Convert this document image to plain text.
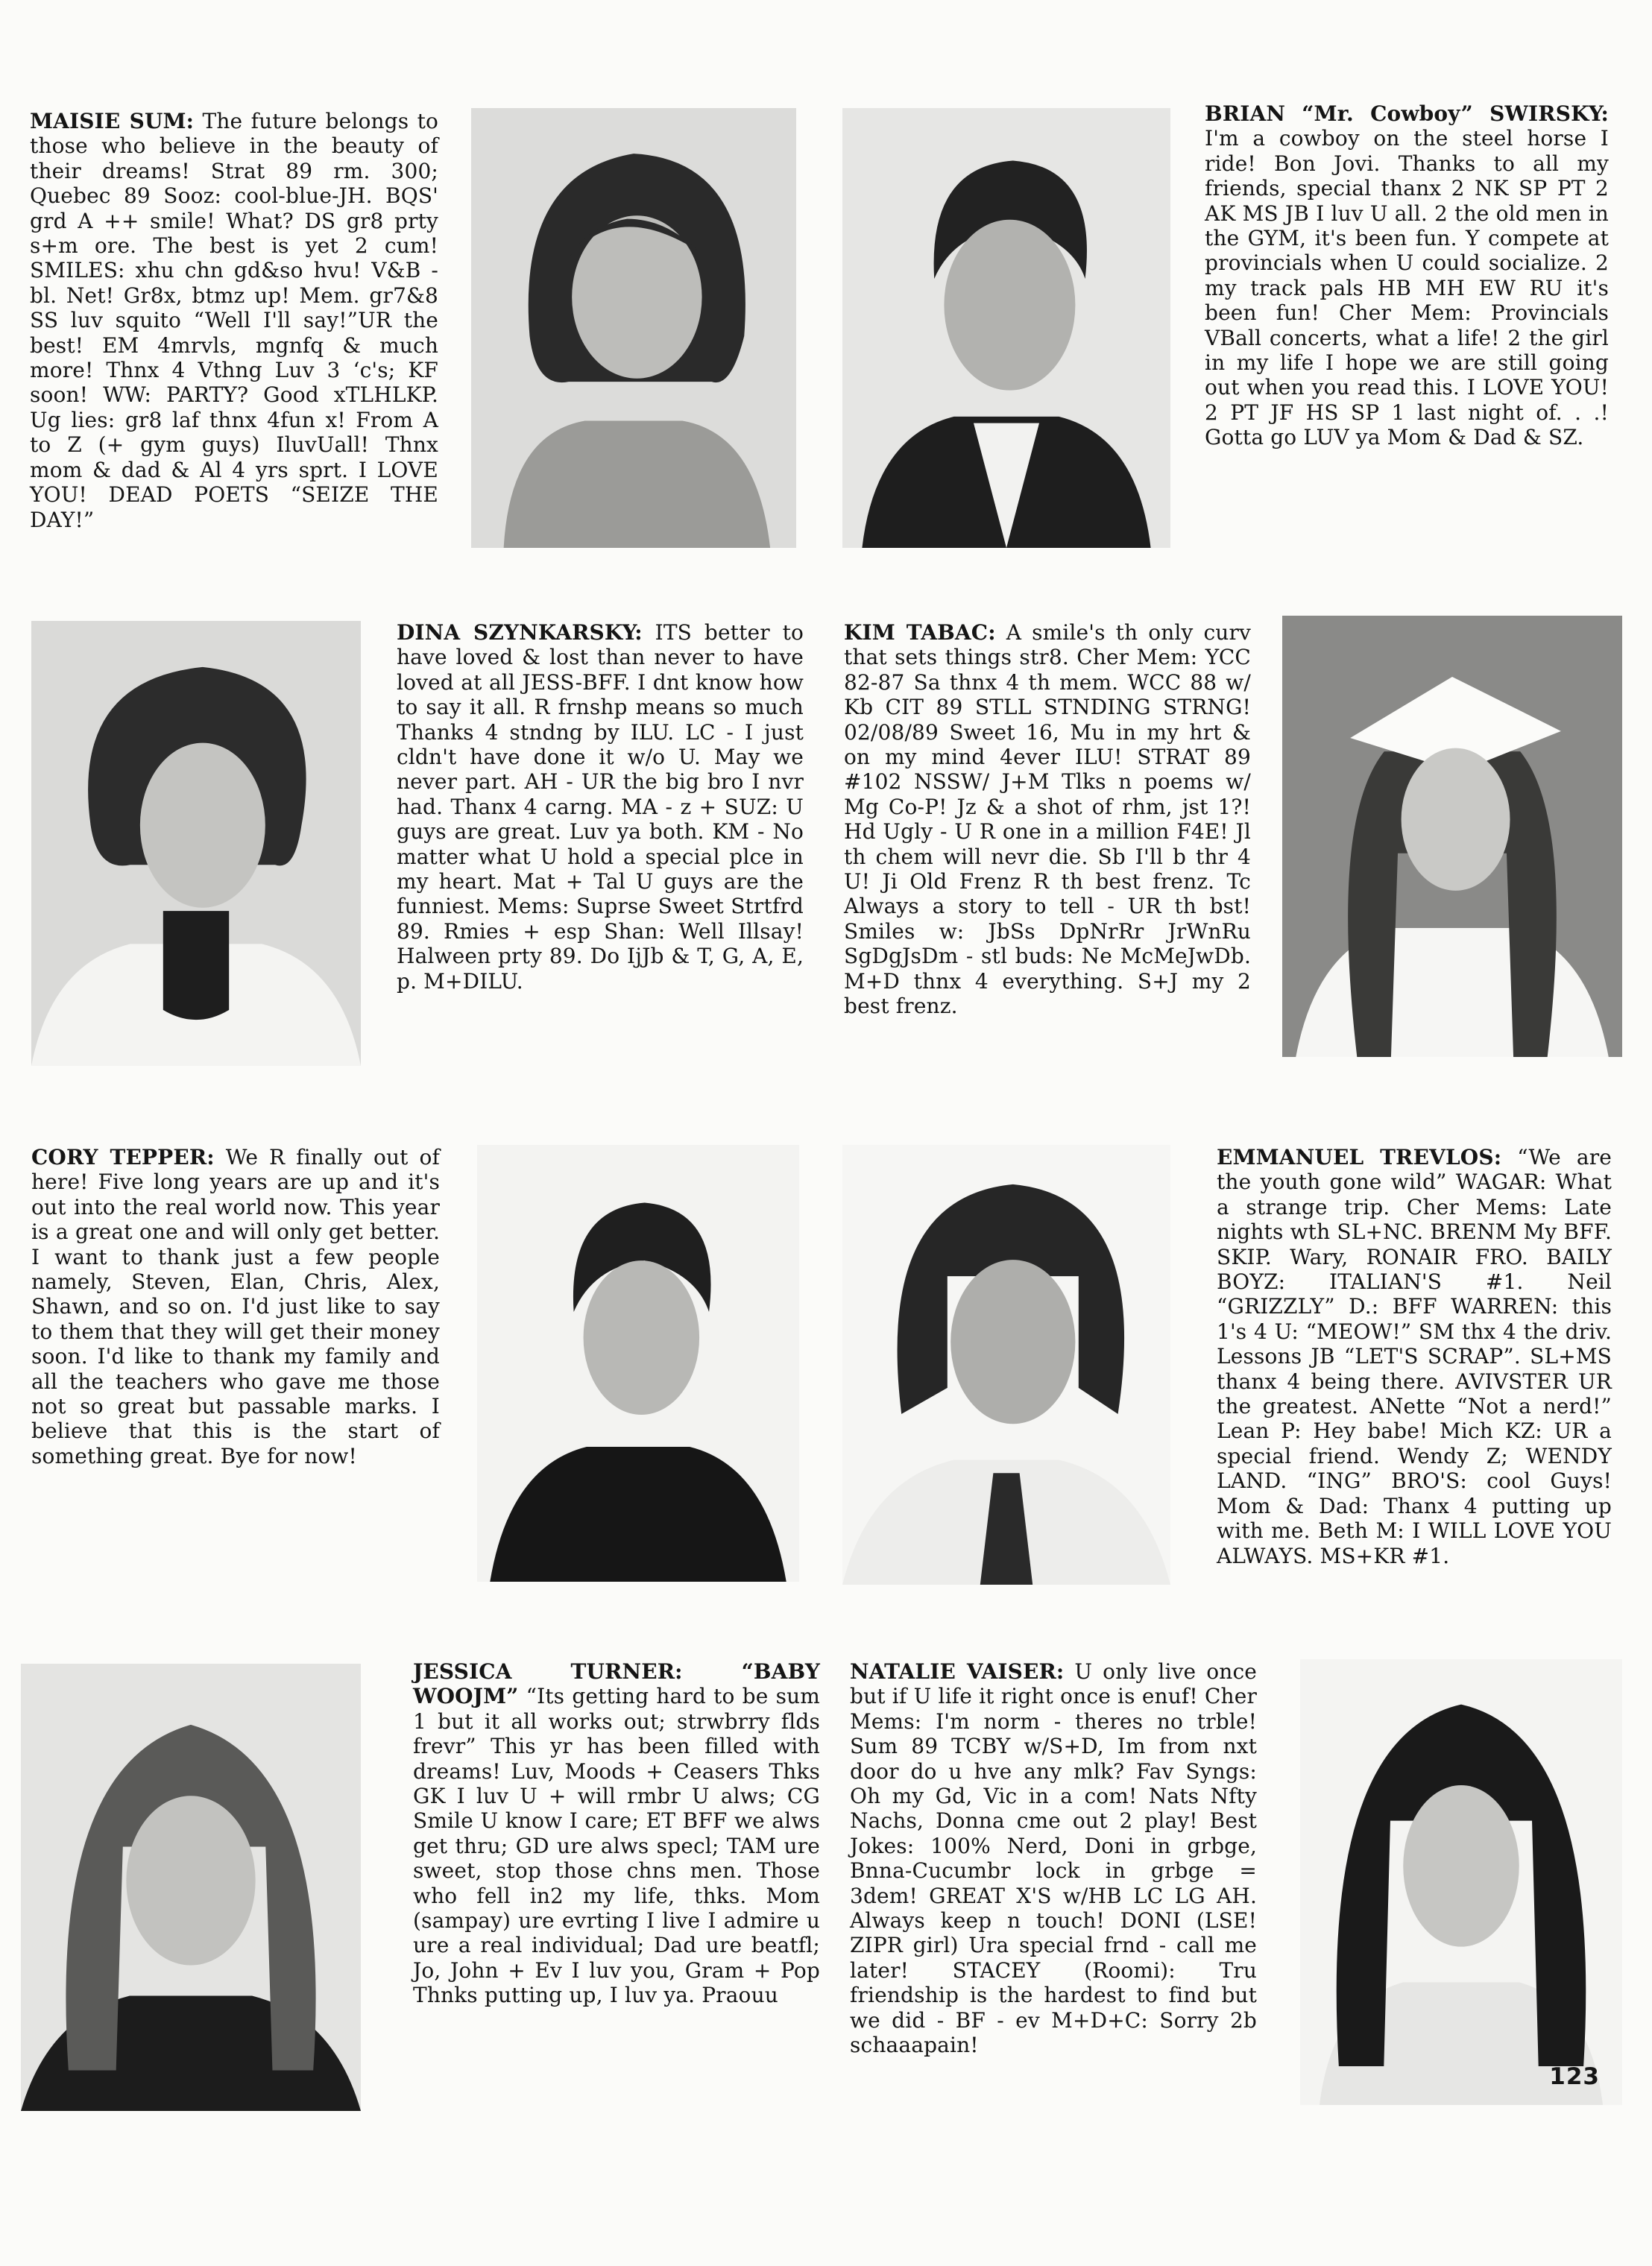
MAISIE SUM: The future belongs to those who believe in the beauty of their dreams! Strat 89 rm. 300; Quebec 89 Sooz: cool-blue-JH. BQS' grd A ++ smile! What? DS gr8 prty s+m ore. The best is yet 2 cum! SMILES: xhu chn gd&so hvu! V&B - bl. Net! Gr8x, btmz up! Mem. gr7&8 SS luv squito “Well I'll say!”UR the best! EM 4mrvls, mgnfq & much more! Thnx 4 Vthng Luv 3 ‘c's; KF soon! WW: PARTY? Good xTLHLKP. Ug lies: gr8 laf thnx 4fun x! From A to Z (+ gym guys) IluvUall! Thnx mom & dad & Al 4 yrs sprt. I LOVE YOU! DEAD POETS “SEIZE THE DAY!”
BRIAN “Mr. Cowboy” SWIRSKY: I'm a cowboy on the steel horse I ride! Bon Jovi. Thanks to all my friends, special thanx 2 NK SP PT 2 AK MS JB I luv U all. 2 the old men in the GYM, it's been fun. Y compete at provincials when U could socialize. 2 my track pals HB MH EW RU it's been fun! Cher Mem: Provincials VBall concerts, what a life! 2 the girl in my life I hope we are still going out when you read this. I LOVE YOU! 2 PT JF HS SP 1 last night of. . .! Gotta go LUV ya Mom & Dad & SZ.
DINA SZYNKARSKY: ITS better to have loved & lost than never to have loved at all JESS-BFF. I dnt know how to say it all. R frnshp means so much Thanks 4 stndng by ILU. LC - I just cldn't have done it w/o U. May we never part. AH - UR the big bro I nvr had. Thanx 4 carng. MA - z + SUZ: U guys are great. Luv ya both. KM - No matter what U hold a special plce in my heart. Mat + Tal U guys are the funniest. Mems: Suprse Sweet Strtfrd 89. Rmies + esp Shan: Well Illsay! Halween prty 89. Do IjJb & T, G, A, E, p. M+DILU.
KIM TABAC: A smile's th only curv that sets things str8. Cher Mem: YCC 82-87 Sa thnx 4 th mem. WCC 88 w/ Kb CIT 89 STLL STNDING STRNG! 02/08/89 Sweet 16, Mu in my hrt & on my mind 4ever ILU! STRAT 89 #102 NSSW/ J+M Tlks n poems w/ Mg Co-P! Jz & a shot of rhm, jst 1?! Hd Ugly - U R one in a million F4E! Jl th chem will nevr die. Sb I'll b thr 4 U! Ji Old Frenz R th best frenz. Tc Always a story to tell - UR th bst! Smiles w: JbSs DpNrRr JrWnRu SgDgJsDm - stl buds: Ne McMeJwDb. M+D thnx 4 everything. S+J my 2 best frenz.
CORY TEPPER: We R finally out of here! Five long years are up and it's out into the real world now. This year is a great one and will only get better. I want to thank just a few people namely, Steven, Elan, Chris, Alex, Shawn, and so on. I'd just like to say to them that they will get their money soon. I'd like to thank my family and all the teachers who gave me those not so great but passable marks. I believe that this is the start of something great. Bye for now!
EMMANUEL TREVLOS: “We are the youth gone wild” WAGAR: What a strange trip. Cher Mems: Late nights wth SL+NC. BRENM My BFF. SKIP. Wary, RONAIR FRO. BAILY BOYZ: ITALIAN'S #1. Neil “GRIZZLY” D.: BFF WARREN: this 1's 4 U: “MEOW!” SM thx 4 the driv. Lessons JB “LET'S SCRAP”. SL+MS thanx 4 being there. AVIVSTER UR the greatest. ANette “Not a nerd!” Lean P: Hey babe! Mich KZ: UR a special friend. Wendy Z; WENDY LAND. “ING” BRO'S: cool Guys! Mom & Dad: Thanx 4 putting up with me. Beth M: I WILL LOVE YOU ALWAYS. MS+KR #1.
JESSICA TURNER: “BABY WOOJM” “Its getting hard to be sum 1 but it all works out; strwbrry flds frevr” This yr has been filled with dreams! Luv, Moods + Ceasers Thks GK I luv U + will rmbr U alws; CG Smile U know I care; ET BFF we alws get thru; GD ure alws specl; TAM ure sweet, stop those chns men. Those who fell in2 my life, thks. Mom (sampay) ure evrting I live I admire u ure a real individual; Dad ure beatfl; Jo, John + Ev I luv you, Gram + Pop Thnks putting up, I luv ya. Praouu
NATALIE VAISER: U only live once but if U life it right once is enuf! Cher Mems: I'm norm - theres no trble! Sum 89 TCBY w/S+D, Im from nxt door do u hve any mlk? Fav Syngs: Oh my Gd, Vic in a com! Nats Nfty Nachs, Donna cme out 2 play! Best Jokes: 100% Nerd, Doni in grbge, Bnna-Cucumbr lock in grbge = 3dem! GREAT X'S w/HB LC LG AH. Always keep n touch! DONI (LSE! ZIPR girl) Ura special frnd - call me later! STACEY (Roomi): Tru friendship is the hardest to find but we did - BF - ev M+D+C: Sorry 2b schaaapain!
123
